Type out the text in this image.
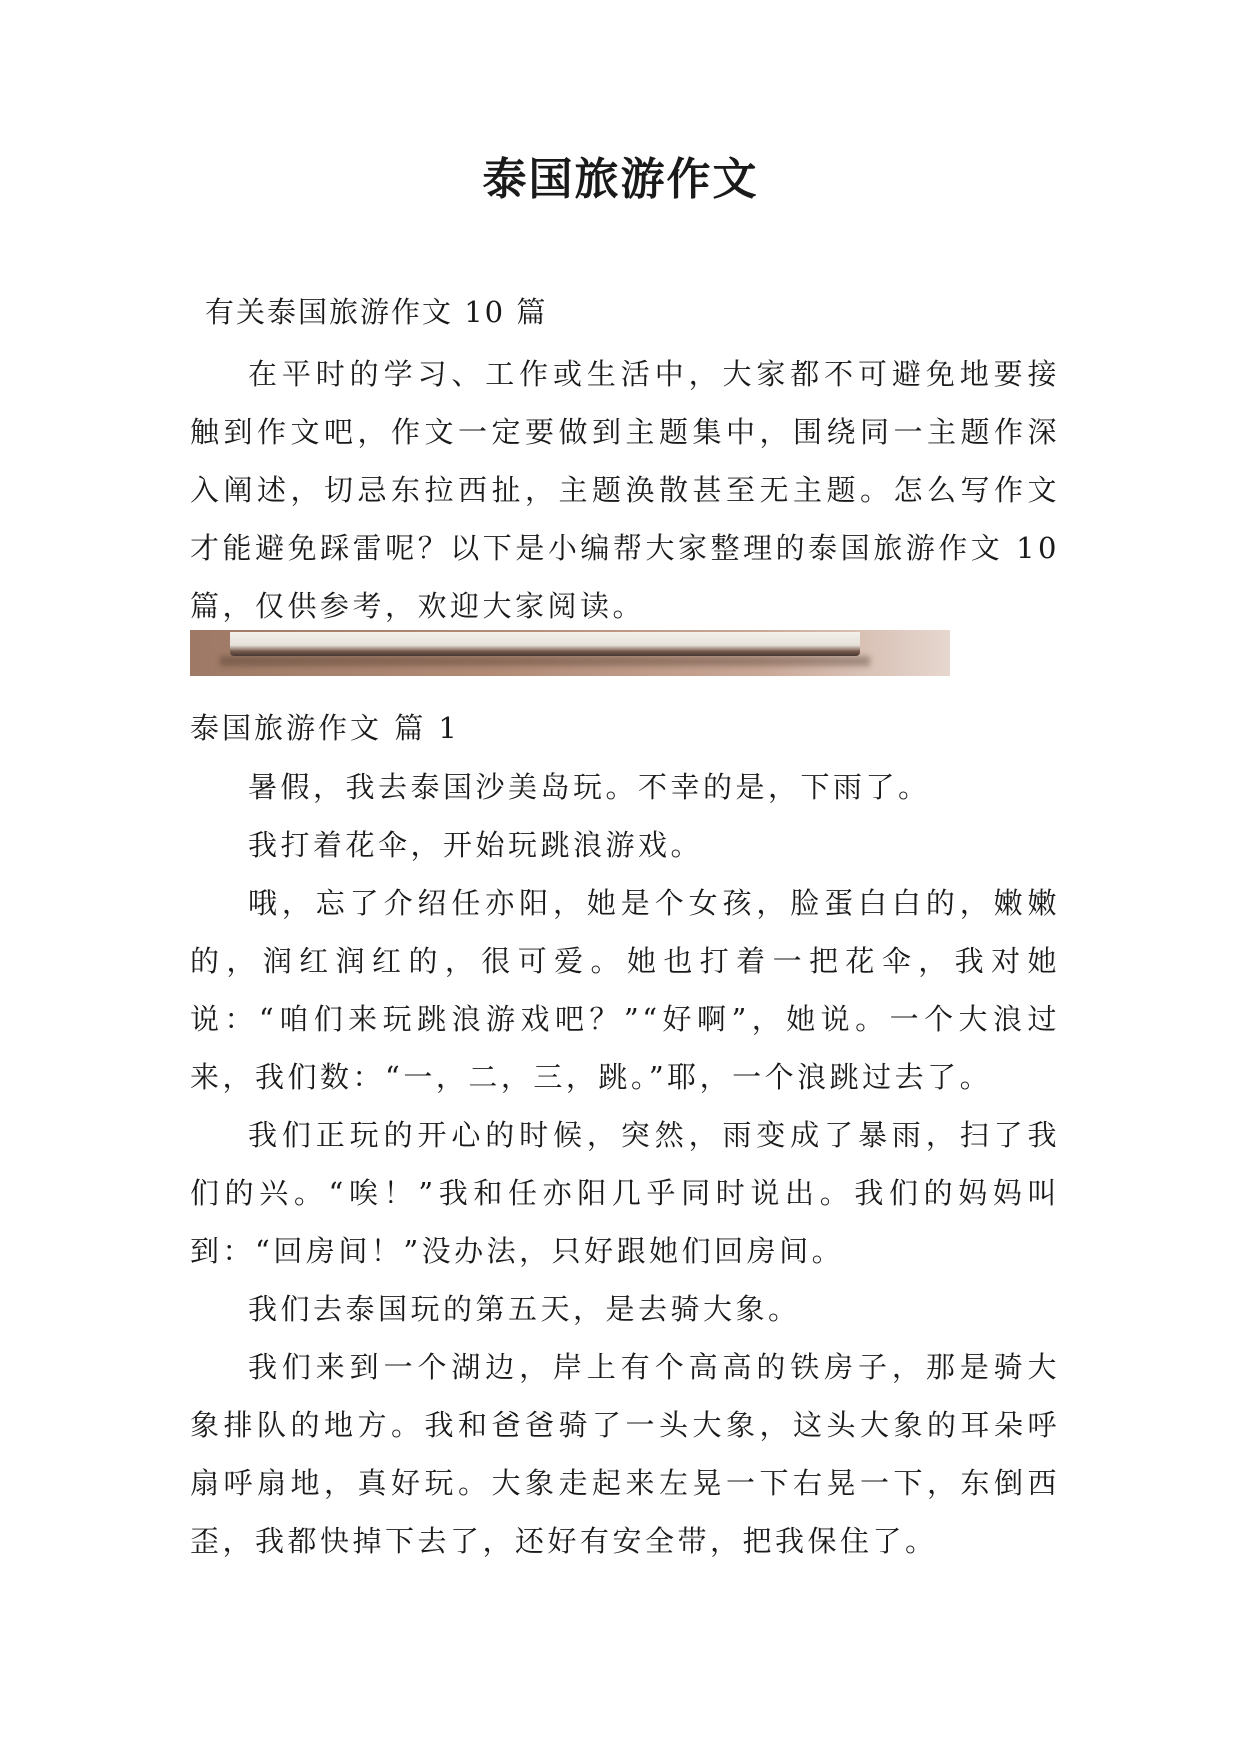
泰国旅游作文
有关泰国旅游作文 10 篇

在平时的学习、工作或生活中，大家都不可避免地要接触到作文吧，作文一定要做到主题集中，围绕同一主题作深入阐述，切忌东拉西扯，主题涣散甚至无主题。怎么写作文才能避免踩雷呢？以下是小编帮大家整理的泰国旅游作文 10 篇，仅供参考，欢迎大家阅读。

泰国旅游作文 篇 1

暑假，我去泰国沙美岛玩。不幸的是，下雨了。

我打着花伞，开始玩跳浪游戏。

哦，忘了介绍任亦阳，她是个女孩，脸蛋白白的，嫩嫩的，润红润红的，很可爱。她也打着一把花伞，我对她说：“咱们来玩跳浪游戏吧？”“好啊”，她说。一个大浪过来，我们数：“一，二，三，跳。”耶，一个浪跳过去了。

我们正玩的开心的时候，突然，雨变成了暴雨，扫了我们的兴。“唉！”我和任亦阳几乎同时说出。我们的妈妈叫到：“回房间！”没办法，只好跟她们回房间。

我们去泰国玩的第五天，是去骑大象。

我们来到一个湖边，岸上有个高高的铁房子，那是骑大象排队的地方。我和爸爸骑了一头大象，这头大象的耳朵呼扇呼扇地，真好玩。大象走起来左晃一下右晃一下，东倒西歪，我都快掉下去了，还好有安全带，把我保住了。
